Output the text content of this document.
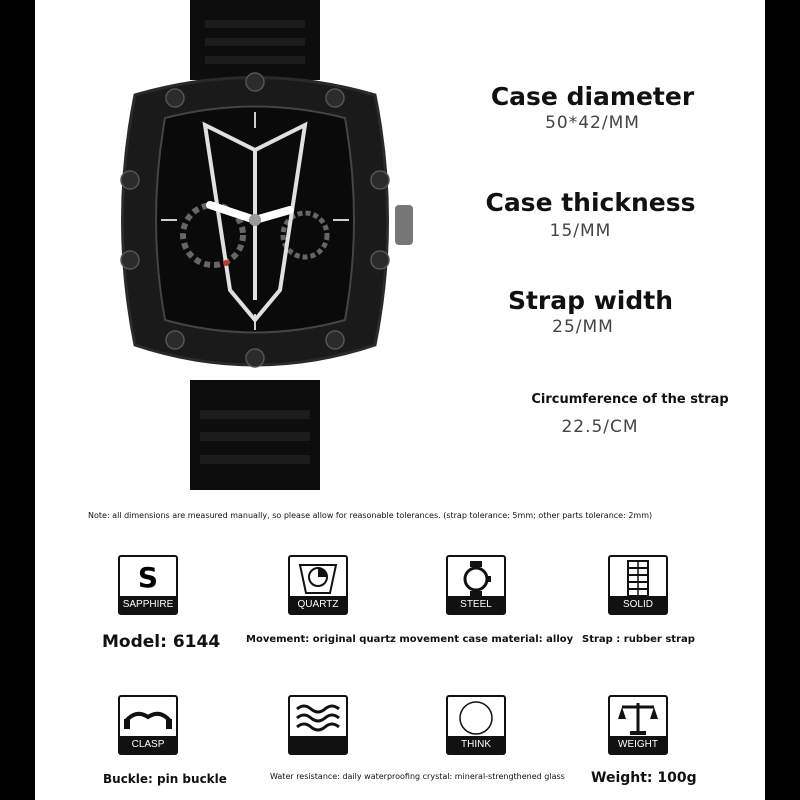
Case diameter
50*42/MM
Case thickness
15/MM
Strap width
25/MM
Circumference of the strap
22.5/CM
Note: all dimensions are measured manually, so please allow for reasonable tolerances. (strap tolerance: 5mm; other parts tolerance: 2mm)
S
SAPPHIRE	QUARTZ	STEEL	SOLID
Model: 6144	Movement: original quartz movement case material: alloy Strap : rubber strap
CLASP	THINK	WEIGHT
Buckle: pin buckle	Water resistance: daily waterproofing crystal: mineral-strengthened glass Weight: 100g
